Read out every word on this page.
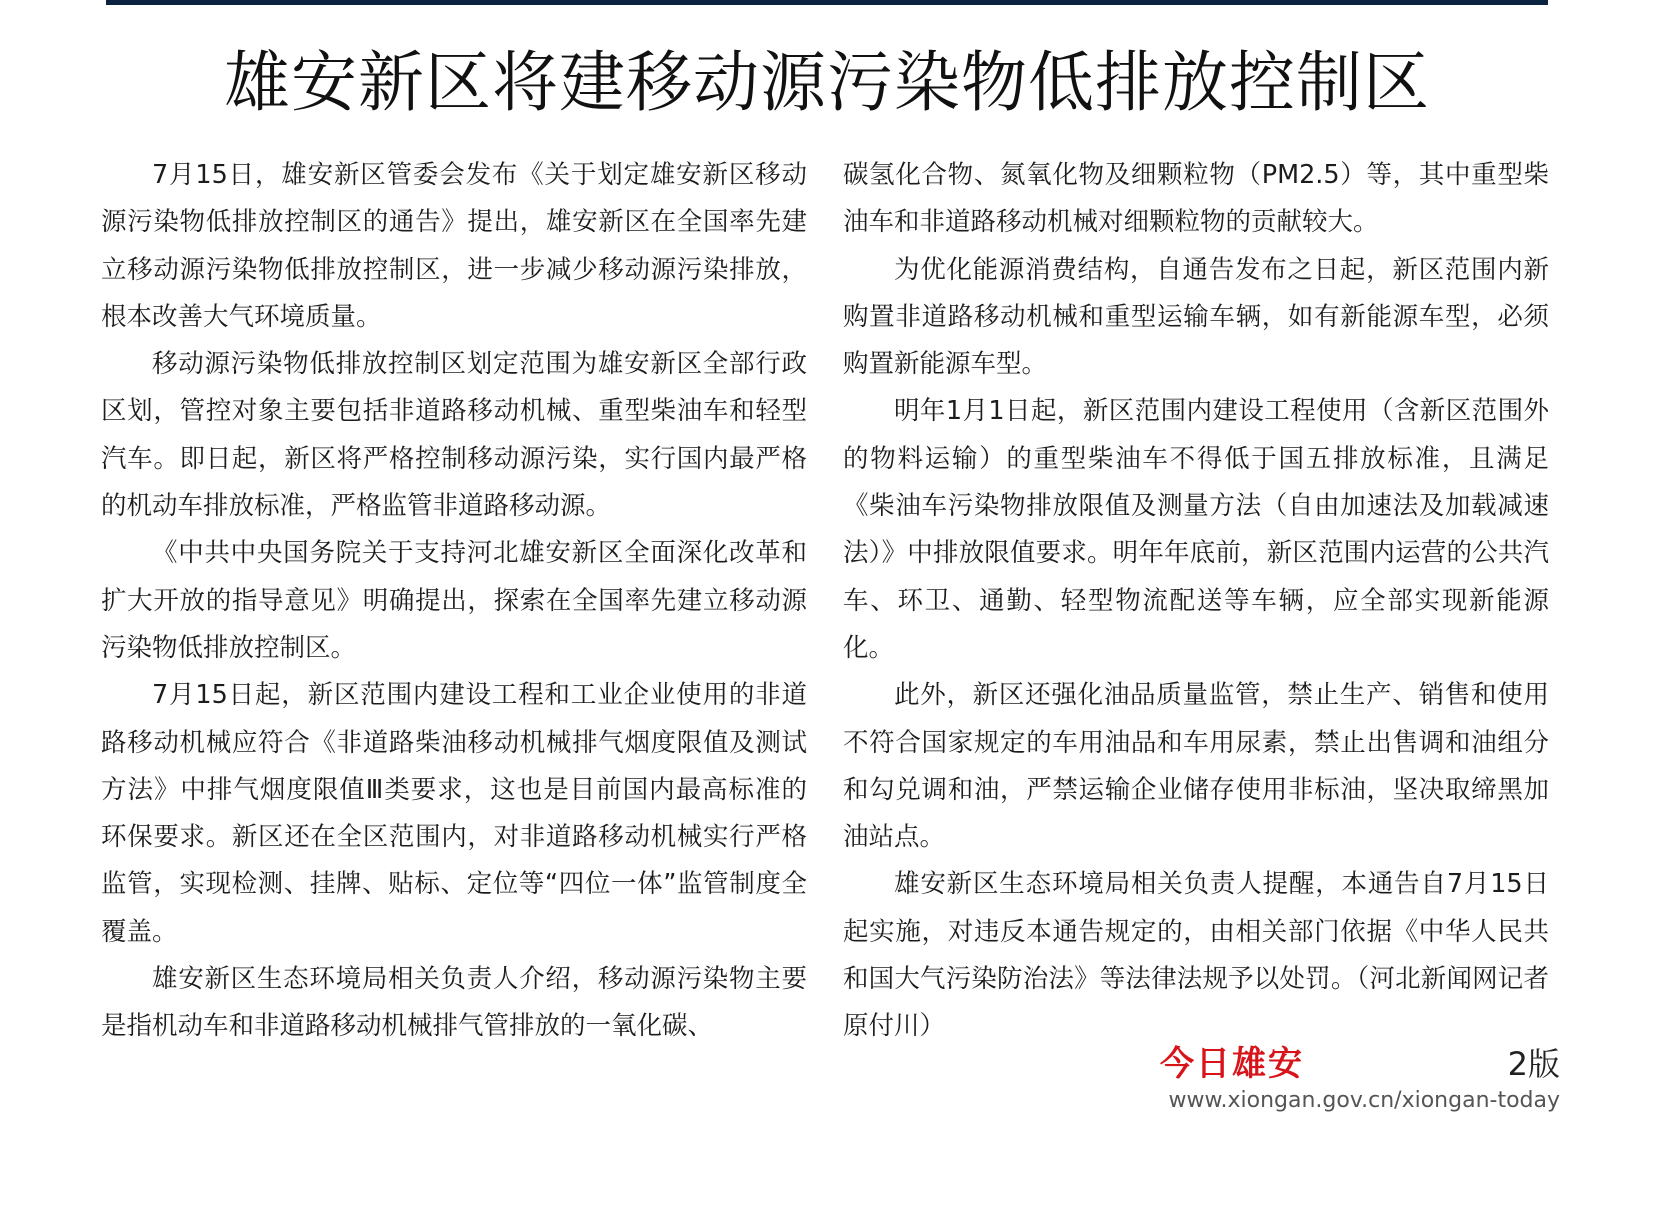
雄安新区将建移动源污染物低排放控制区

7月15日，雄安新区管委会发布《关于划定雄安新区移动源污染物低排放控制区的通告》提出，雄安新区在全国率先建立移动源污染物低排放控制区，进一步减少移动源污染排放，根本改善大气环境质量。

移动源污染物低排放控制区划定范围为雄安新区全部行政区划，管控对象主要包括非道路移动机械、重型柴油车和轻型汽车。即日起，新区将严格控制移动源污染，实行国内最严格的机动车排放标准，严格监管非道路移动源。

《中共中央国务院关于支持河北雄安新区全面深化改革和扩大开放的指导意见》明确提出，探索在全国率先建立移动源污染物低排放控制区。

7月15日起，新区范围内建设工程和工业企业使用的非道路移动机械应符合《非道路柴油移动机械排气烟度限值及测试方法》中排气烟度限值Ⅲ类要求，这也是目前国内最高标准的环保要求。新区还在全区范围内，对非道路移动机械实行严格监管，实现检测、挂牌、贴标、定位等“四位一体”监管制度全覆盖。

雄安新区生态环境局相关负责人介绍，移动源污染物主要是指机动车和非道路移动机械排气管排放的一氧化碳、

碳氢化合物、氮氧化物及细颗粒物（PM2.5）等，其中重型柴油车和非道路移动机械对细颗粒物的贡献较大。

为优化能源消费结构，自通告发布之日起，新区范围内新购置非道路移动机械和重型运输车辆，如有新能源车型，必须购置新能源车型。

明年1月1日起，新区范围内建设工程使用（含新区范围外的物料运输）的重型柴油车不得低于国五排放标准，且满足《柴油车污染物排放限值及测量方法（自由加速法及加载减速法）》中排放限值要求。明年年底前，新区范围内运营的公共汽车、环卫、通勤、轻型物流配送等车辆，应全部实现新能源化。

此外，新区还强化油品质量监管，禁止生产、销售和使用不符合国家规定的车用油品和车用尿素，禁止出售调和油组分和勾兑调和油，严禁运输企业储存使用非标油，坚决取缔黑加油站点。

雄安新区生态环境局相关负责人提醒，本通告自7月15日起实施，对违反本通告规定的，由相关部门依据《中华人民共和国大气污染防治法》等法律法规予以处罚。（河北新闻网记者 原付川）

今日雄安	2版
www.xiongan.gov.cn/xiongan-today
